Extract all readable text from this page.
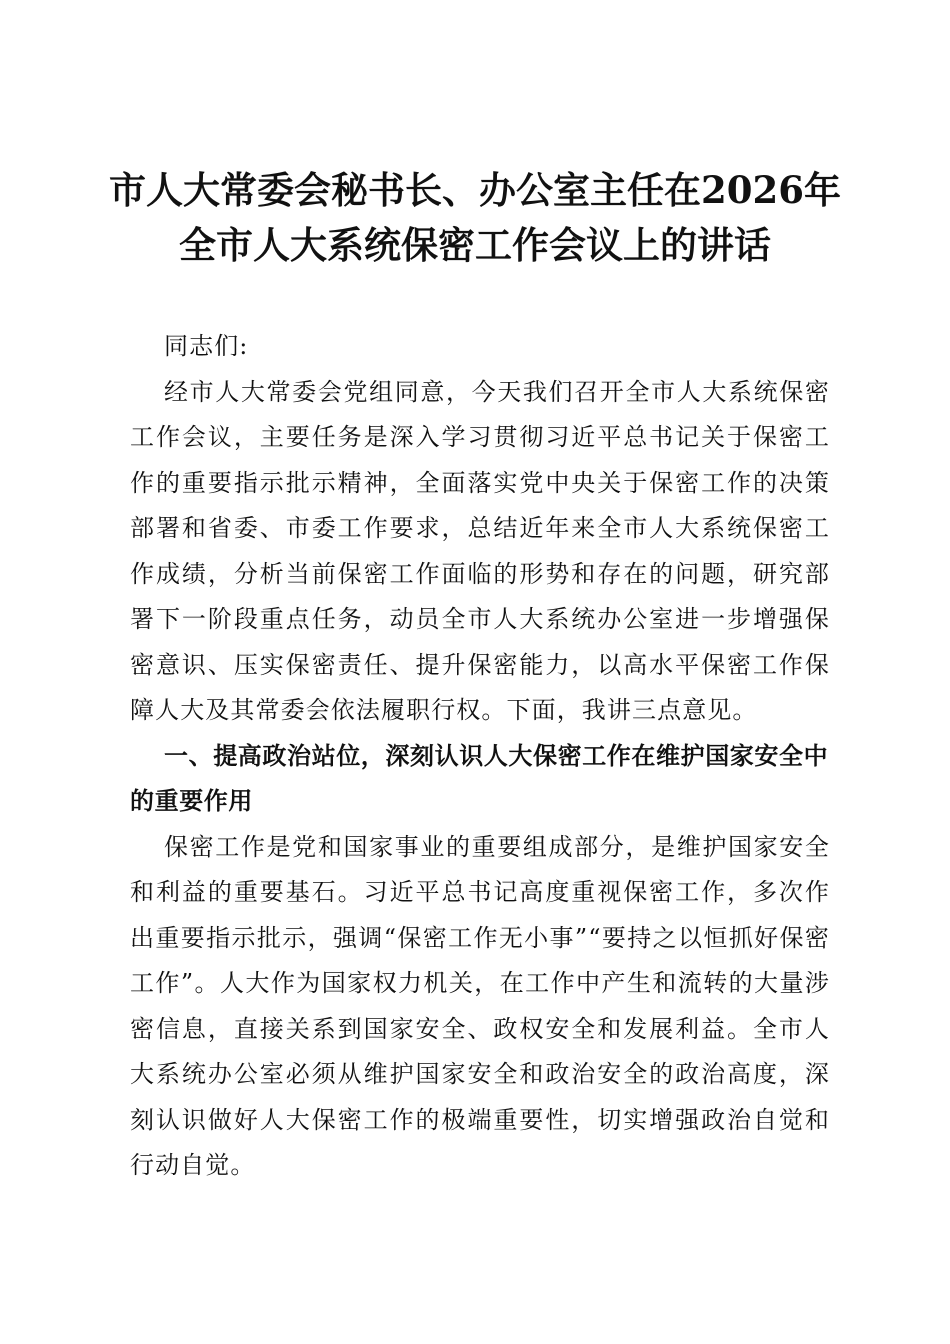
市人大常委会秘书长、办公室主任在2026年
全市人大系统保密工作会议上的讲话

同志们:

经市人大常委会党组同意，今天我们召开全市人大系统保密工作会议，主要任务是深入学习贯彻习近平总书记关于保密工作的重要指示批示精神，全面落实党中央关于保密工作的决策部署和省委、市委工作要求，总结近年来全市人大系统保密工作成绩，分析当前保密工作面临的形势和存在的问题，研究部署下一阶段重点任务，动员全市人大系统办公室进一步增强保密意识、压实保密责任、提升保密能力，以高水平保密工作保障人大及其常委会依法履职行权。下面，我讲三点意见。

一、提高政治站位，深刻认识人大保密工作在维护国家安全中的重要作用

保密工作是党和国家事业的重要组成部分，是维护国家安全和利益的重要基石。习近平总书记高度重视保密工作，多次作出重要指示批示，强调“保密工作无小事”“要持之以恒抓好保密工作”。人大作为国家权力机关，在工作中产生和流转的大量涉密信息，直接关系到国家安全、政权安全和发展利益。全市人大系统办公室必须从维护国家安全和政治安全的政治高度，深刻认识做好人大保密工作的极端重要性，切实增强政治自觉和行动自觉。
